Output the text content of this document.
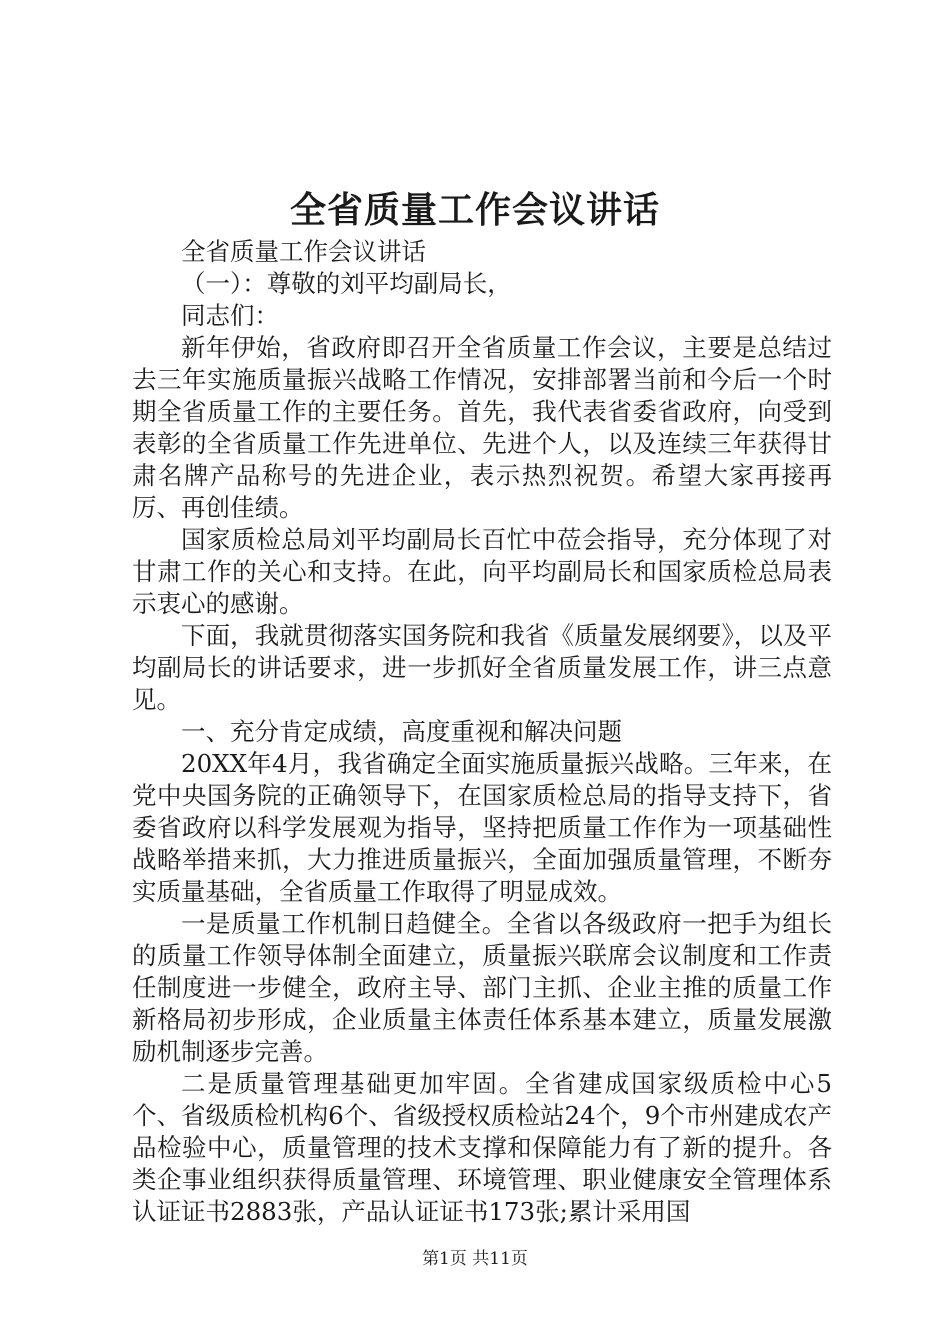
全省质量工作会议讲话

全省质量工作会议讲话

（一）：尊敬的刘平均副局长，

同志们：

新年伊始，省政府即召开全省质量工作会议，主要是总结过去三年实施质量振兴战略工作情况，安排部署当前和今后一个时期全省质量工作的主要任务。首先，我代表省委省政府，向受到表彰的全省质量工作先进单位、先进个人，以及连续三年获得甘肃名牌产品称号的先进企业，表示热烈祝贺。希望大家再接再厉、再创佳绩。

国家质检总局刘平均副局长百忙中莅会指导，充分体现了对甘肃工作的关心和支持。在此，向平均副局长和国家质检总局表示衷心的感谢。

下面，我就贯彻落实国务院和我省《质量发展纲要》，以及平均副局长的讲话要求，进一步抓好全省质量发展工作，讲三点意见。

一、充分肯定成绩，高度重视和解决问题

20XX年4月，我省确定全面实施质量振兴战略。三年来，在党中央国务院的正确领导下，在国家质检总局的指导支持下，省委省政府以科学发展观为指导，坚持把质量工作作为一项基础性战略举措来抓，大力推进质量振兴，全面加强质量管理，不断夯实质量基础，全省质量工作取得了明显成效。

一是质量工作机制日趋健全。全省以各级政府一把手为组长的质量工作领导体制全面建立，质量振兴联席会议制度和工作责任制度进一步健全，政府主导、部门主抓、企业主推的质量工作新格局初步形成，企业质量主体责任体系基本建立，质量发展激励机制逐步完善。

二是质量管理基础更加牢固。全省建成国家级质检中心5个、省级质检机构6个、省级授权质检站24个，9个市州建成农产品检验中心，质量管理的技术支撑和保障能力有了新的提升。各类企事业组织获得质量管理、环境管理、职业健康安全管理体系认证证书2883张，产品认证证书173张;累计采用国

第1页 共11页
